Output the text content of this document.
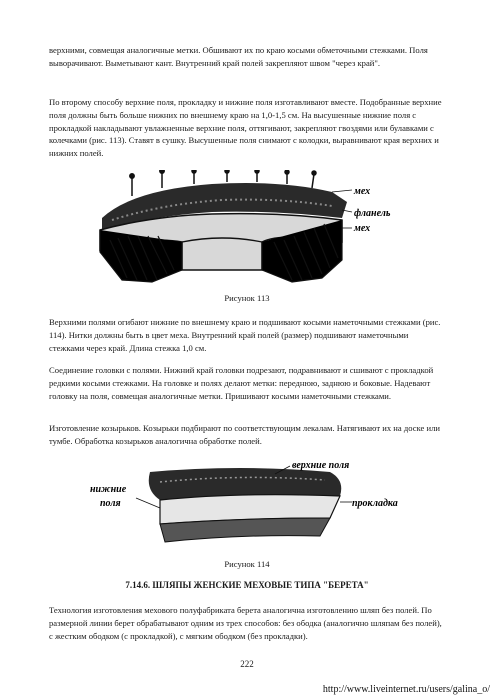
верхними, совмещая аналогичные метки. Обшивают их по краю косыми обметочными стежками. Поля выворачивают. Выметывают кант. Внутренний край полей закрепляют швом "через край".

По второму способу верхние поля, прокладку и нижние поля изготавливают вместе. Подобранные верхние поля должны быть больше нижних по внешнему краю на 1,0-1,5 см. На высушенные нижние поля с прокладкой накладывают увлажненные верхние поля, оттягивают, закрепляют гвоздями или булавками с колечками (рис. 113). Ставят в сушку. Высушенные поля снимают с колодки, выравнивают края верхних и нижних полей.

мех
фланель
мех
Рисунок 113

Верхними полями огибают нижние по внешнему краю и подшивают косыми наметочными стежками (рис. 114). Нитки должны быть в цвет меха. Внутренний край полей (размер) подшивают наметочными стежками через край. Длина стежка 1,0 см.

Соединение головки с полями. Нижний край головки подрезают, подравнивают и сшивают с прокладкой редкими косыми стежками. На головке и полях делают метки: переднюю, заднюю и боковые. Надевают головку на поля, совмещая аналогичные метки. Пришивают косыми наметочными стежками.

Изготовление козырьков. Козырьки подбирают по соответствующим лекалам. Натягивают их на доске или тумбе. Обработка козырьков аналогична обработке полей.

верхние поля
прокладка
нижние
поля
Рисунок 114
7.14.6. ШЛЯПЫ ЖЕНСКИЕ МЕХОВЫЕ ТИПА "БЕРЕТА"

Технология изготовления мехового полуфабриката берета аналогична изготовлению шляп без полей. По размерной линии берет обрабатывают одним из трех способов: без ободка (аналогично шляпам без полей), с жестким ободком (с прокладкой), с мягким ободком (без прокладки).

222
http://www.liveinternet.ru/users/galina_o/
